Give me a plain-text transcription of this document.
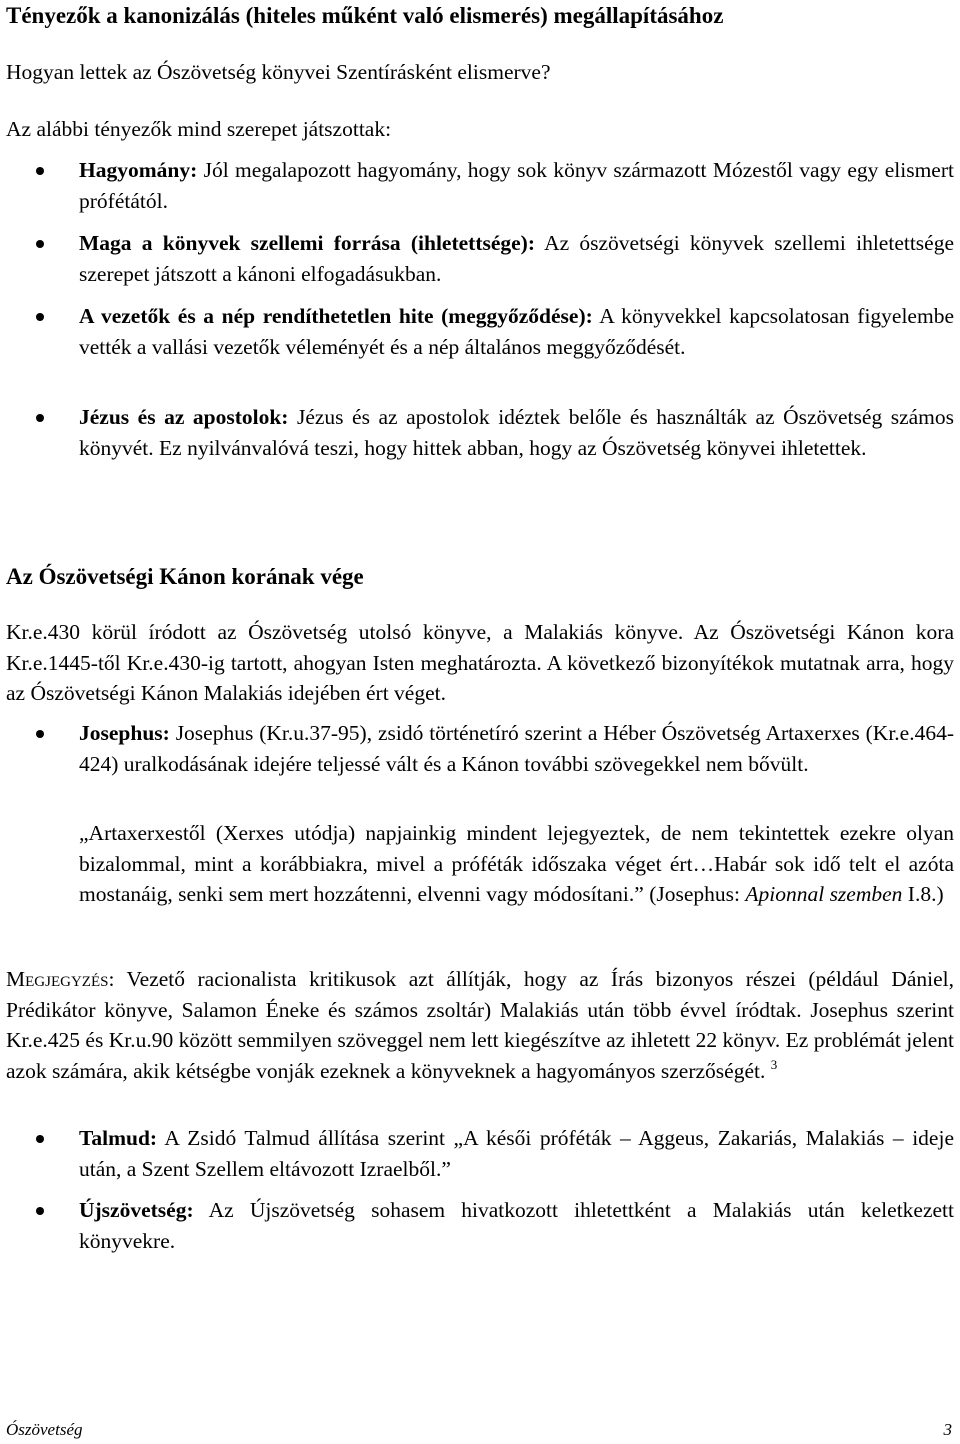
Tényezők a kanonizálás (hiteles műként való elismerés) megállapításához
Hogyan lettek az Ószövetség könyvei Szentírásként elismerve?
Az alábbi tényezők mind szerepet játszottak:
Hagyomány: Jól megalapozott hagyomány, hogy sok könyv származott Mózestől vagy egy elismert prófétától.
Maga a könyvek szellemi forrása (ihletettsége): Az ószövetségi könyvek szellemi ihletettsége szerepet játszott a kánoni elfogadásukban.
A vezetők és a nép rendíthetetlen hite (meggyőződése): A könyvekkel kapcsolatosan figyelembe vették a vallási vezetők véleményét és a nép általános meggyőződését.
Jézus és az apostolok: Jézus és az apostolok idéztek belőle és használták az Ószövetség számos könyvét. Ez nyilvánvalóvá teszi, hogy hittek abban, hogy az Ószövetség könyvei ihletettek.
Az Ószövetségi Kánon korának vége
Kr.e.430 körül íródott az Ószövetség utolsó könyve, a Malakiás könyve. Az Ószövetségi Kánon kora Kr.e.1445-től Kr.e.430-ig tartott, ahogyan Isten meghatározta. A következő bizonyítékok mutatnak arra, hogy az Ószövetségi Kánon Malakiás idejében ért véget.
Josephus: Josephus (Kr.u.37-95), zsidó történetíró szerint a Héber Ószövetség Artaxerxes (Kr.e.464-424) uralkodásának idejére teljessé vált és a Kánon további szövegekkel nem bővült.
„Artaxerxestől (Xerxes utódja) napjainkig mindent lejegyeztek, de nem tekintettek ezekre olyan bizalommal, mint a korábbiakra, mivel a próféták időszaka véget ért…Habár sok idő telt el azóta mostanáig, senki sem mert hozzátenni, elvenni vagy módosítani.” (Josephus: Apionnal szemben I.8.)
Megjegyzés: Vezető racionalista kritikusok azt állítják, hogy az Írás bizonyos részei (például Dániel, Prédikátor könyve, Salamon Éneke és számos zsoltár) Malakiás után több évvel íródtak. Josephus szerint Kr.e.425 és Kr.u.90 között semmilyen szöveggel nem lett kiegészítve az ihletett 22 könyv. Ez problémát jelent azok számára, akik kétségbe vonják ezeknek a könyveknek a hagyományos szerzőségét. $^3$
Talmud: A Zsidó Talmud állítása szerint „A késői próféták – Aggeus, Zakariás, Malakiás – ideje után, a Szent Szellem eltávozott Izraelből.”
Újszövetség: Az Újszövetség sohasem hivatkozott ihletettként a Malakiás után keletkezett könyvekre.
Ószövetség	3
